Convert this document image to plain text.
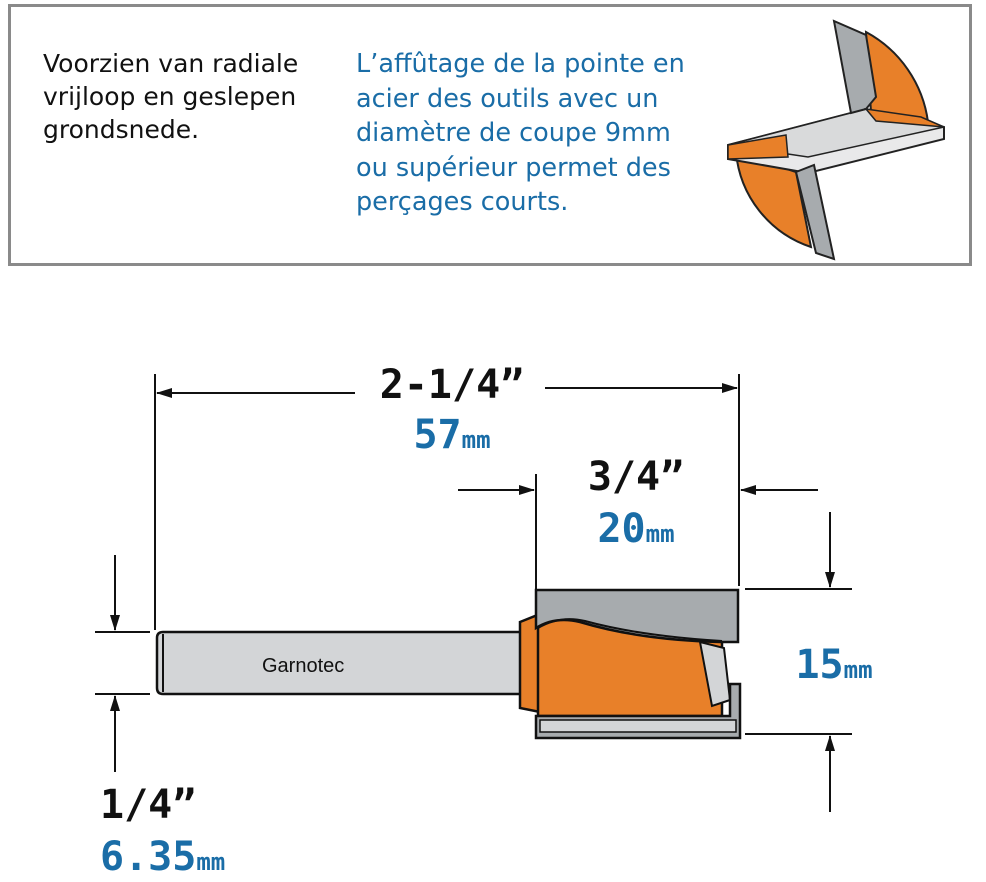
Voorzien van radiale
vrijloop en geslepen
grondsnede.
L’affûtage de la pointe en
acier des outils avec un
diamètre de coupe 9mm
ou supérieur permet des
perçages courts.
Garnotec
2-1/4”
57mm
3/4”
20mm
15mm
1/4”
6.35mm
